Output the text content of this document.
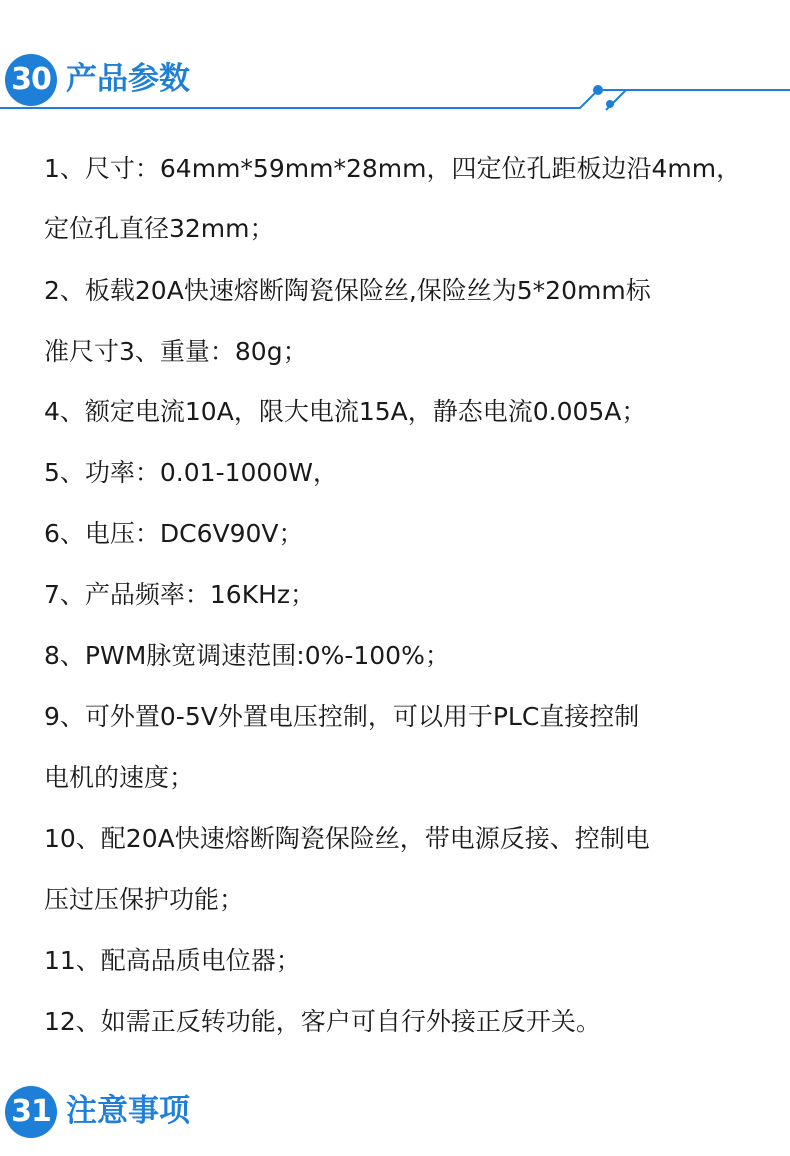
30 产品参数
1、尺寸：64mm*59mm*28mm，四定位孔距板边沿4mm，
定位孔直径32mm；
2、板载20A快速熔断陶瓷保险丝,保险丝为5*20mm标
准尺寸3、重量：80g；
4、额定电流10A，限大电流15A，静态电流0.005A；
5、功率：0.01-1000W，
6、电压：DC6V90V；
7、产品频率：16KHz；
8、PWM脉宽调速范围:0%-100%；
9、可外置0-5V外置电压控制，可以用于PLC直接控制
电机的速度；
10、配20A快速熔断陶瓷保险丝，带电源反接、控制电
压过压保护功能；
11、配高品质电位器；
12、如需正反转功能，客户可自行外接正反开关。
31 注意事项
